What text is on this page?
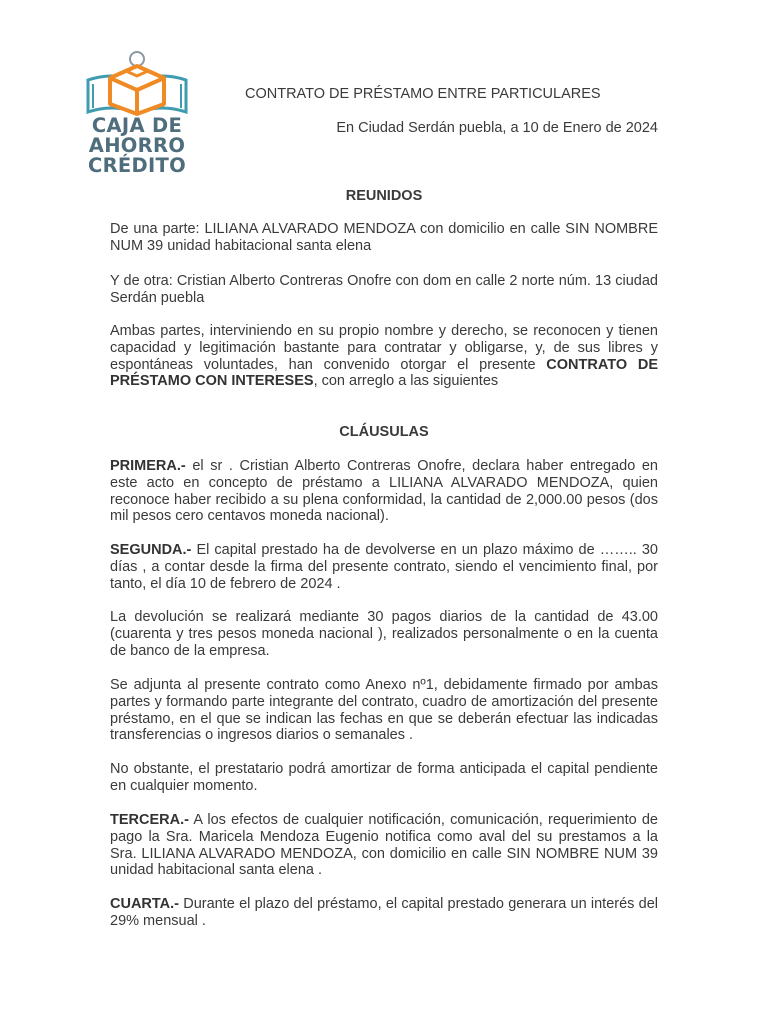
CAJA DE
AHORRO
CRÉDITO
CONTRATO DE PRÉSTAMO ENTRE PARTICULARES
En Ciudad Serdán puebla, a 10 de Enero de 2024
REUNIDOS
De una parte: LILIANA ALVARADO MENDOZA con domicilio en calle SIN NOMBRE NUM 39 unidad habitacional santa elena
Y de otra: Cristian Alberto Contreras Onofre con dom en calle 2 norte núm. 13 ciudad Serdán puebla
Ambas partes, interviniendo en su propio nombre y derecho, se reconocen y tienen capacidad y legitimación bastante para contratar y obligarse, y, de sus libres y espontáneas voluntades, han convenido otorgar el presente CONTRATO DE PRÉSTAMO CON INTERESES, con arreglo a las siguientes
CLÁUSULAS
PRIMERA.- el sr . Cristian Alberto Contreras Onofre, declara haber entregado en este acto en concepto de préstamo a LILIANA ALVARADO MENDOZA, quien reconoce haber recibido a su plena conformidad, la cantidad de 2,000.00 pesos (dos mil pesos cero centavos moneda nacional).
SEGUNDA.- El capital prestado ha de devolverse en un plazo máximo de …….. 30 días , a contar desde la firma del presente contrato, siendo el vencimiento final, por tanto, el día 10 de febrero de 2024 .
La devolución se realizará mediante 30 pagos diarios de la cantidad de 43.00 (cuarenta y tres pesos moneda nacional ), realizados personalmente o en la cuenta de banco de la empresa.
Se adjunta al presente contrato como Anexo nº1, debidamente firmado por ambas partes y formando parte integrante del contrato, cuadro de amortización del presente préstamo, en el que se indican las fechas en que se deberán efectuar las indicadas transferencias o ingresos diarios o semanales .
No obstante, el prestatario podrá amortizar de forma anticipada el capital pendiente en cualquier momento.
TERCERA.- A los efectos de cualquier notificación, comunicación, requerimiento de pago la Sra. Maricela Mendoza Eugenio notifica como aval del su prestamos a la Sra. LILIANA ALVARADO MENDOZA, con domicilio en calle SIN NOMBRE NUM 39 unidad habitacional santa elena .
CUARTA.- Durante el plazo del préstamo, el capital prestado generara un interés del 29% mensual .
